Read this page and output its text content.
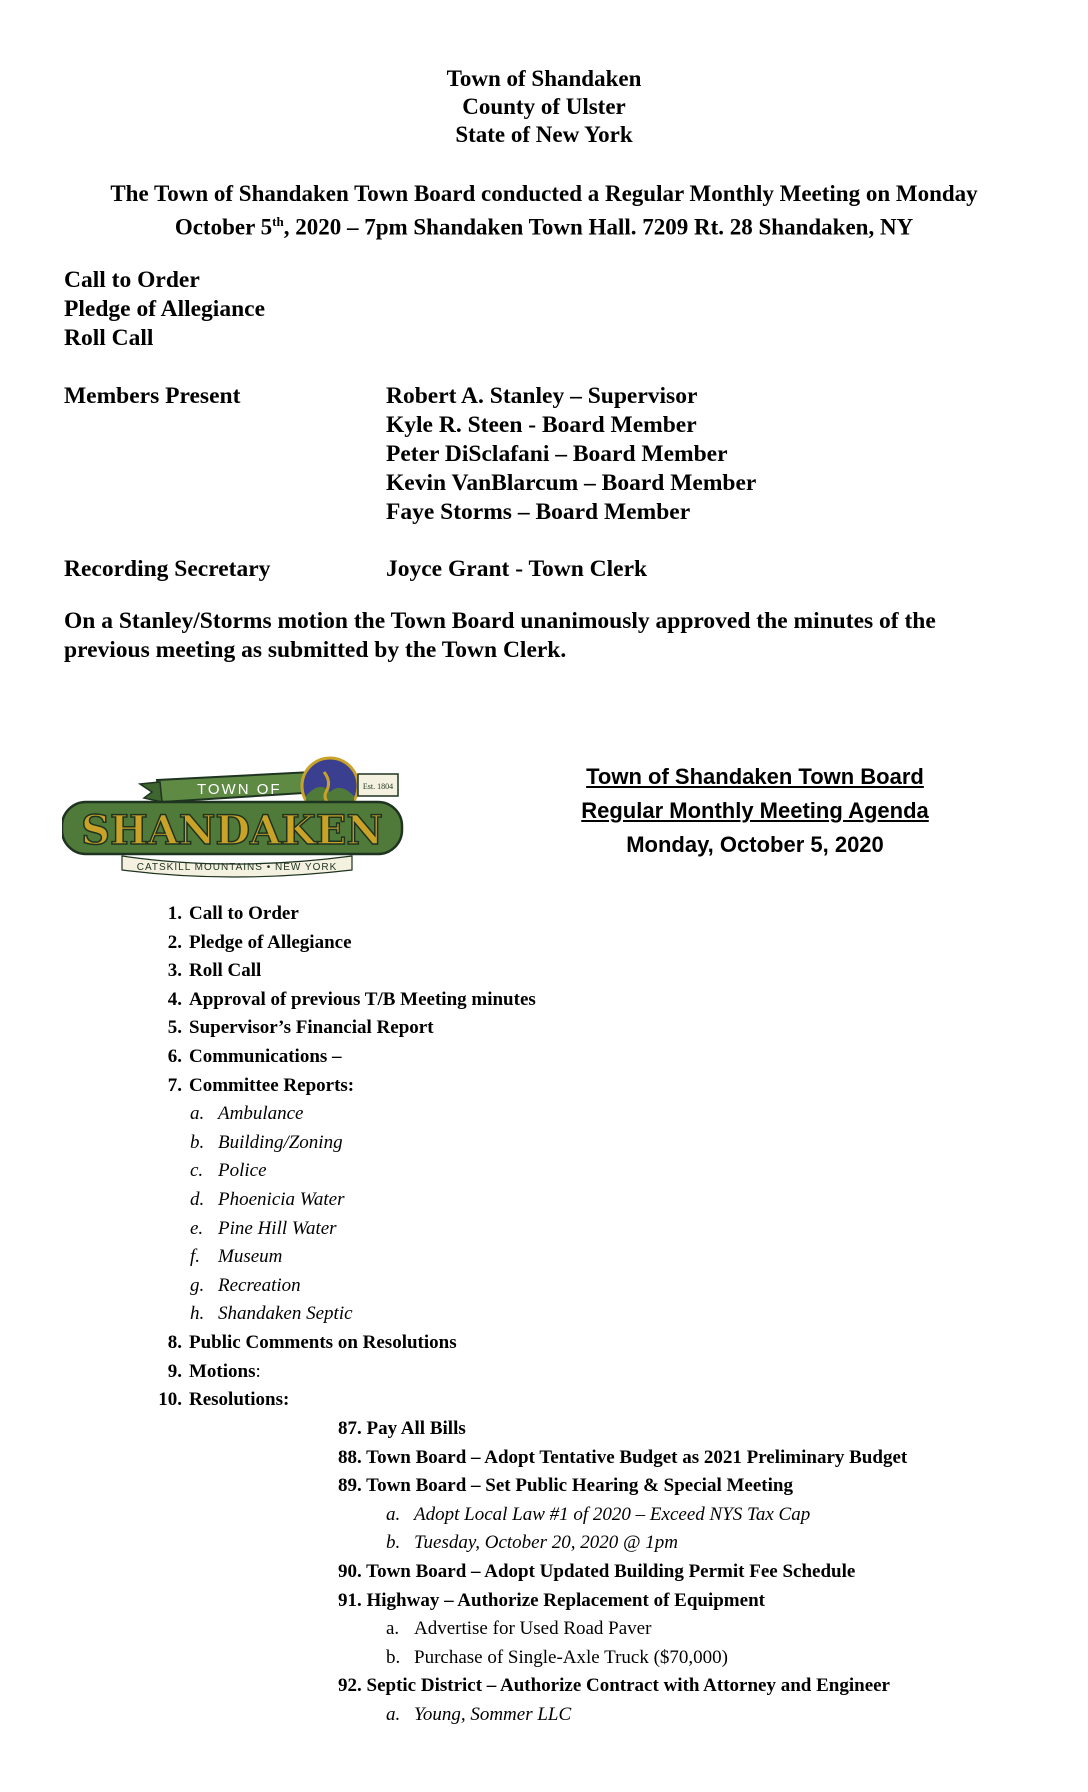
Town of Shandaken
County of Ulster
State of New York
The Town of Shandaken Town Board conducted a Regular Monthly Meeting on Monday
October 5th, 2020 – 7pm Shandaken Town Hall. 7209 Rt. 28 Shandaken, NY
Call to Order
Pledge of Allegiance
Roll Call
Members Present	Robert A. Stanley – Supervisor
Kyle R. Steen - Board Member
Peter DiSclafani – Board Member
Kevin VanBlarcum – Board Member
Faye Storms – Board Member
Recording Secretary	Joyce Grant - Town Clerk
On a Stanley/Storms motion the Town Board unanimously approved the minutes of the
previous meeting as submitted by the Town Clerk.
TOWN OF	Est. 1804
SHANDAKEN
CATSKILL MOUNTAINS • NEW YORK
Town of Shandaken Town Board
Regular Monthly Meeting Agenda
Monday, October 5, 2020
1. Call to Order
2. Pledge of Allegiance
3. Roll Call
4. Approval of previous T/B Meeting minutes
5. Supervisor’s Financial Report
6. Communications –
7. Committee Reports:
a. Ambulance
b. Building/Zoning
c. Police
d. Phoenicia Water
e. Pine Hill Water
f. Museum
g. Recreation
h. Shandaken Septic
8. Public Comments on Resolutions
9. Motions:
10. Resolutions:
87. Pay All Bills
88. Town Board – Adopt Tentative Budget as 2021 Preliminary Budget
89. Town Board – Set Public Hearing & Special Meeting
a. Adopt Local Law #1 of 2020 – Exceed NYS Tax Cap
b. Tuesday, October 20, 2020 @ 1pm
90. Town Board – Adopt Updated Building Permit Fee Schedule
91. Highway – Authorize Replacement of Equipment
a. Advertise for Used Road Paver
b. Purchase of Single-Axle Truck ($70,000)
92. Septic District – Authorize Contract with Attorney and Engineer
a. Young, Sommer LLC
